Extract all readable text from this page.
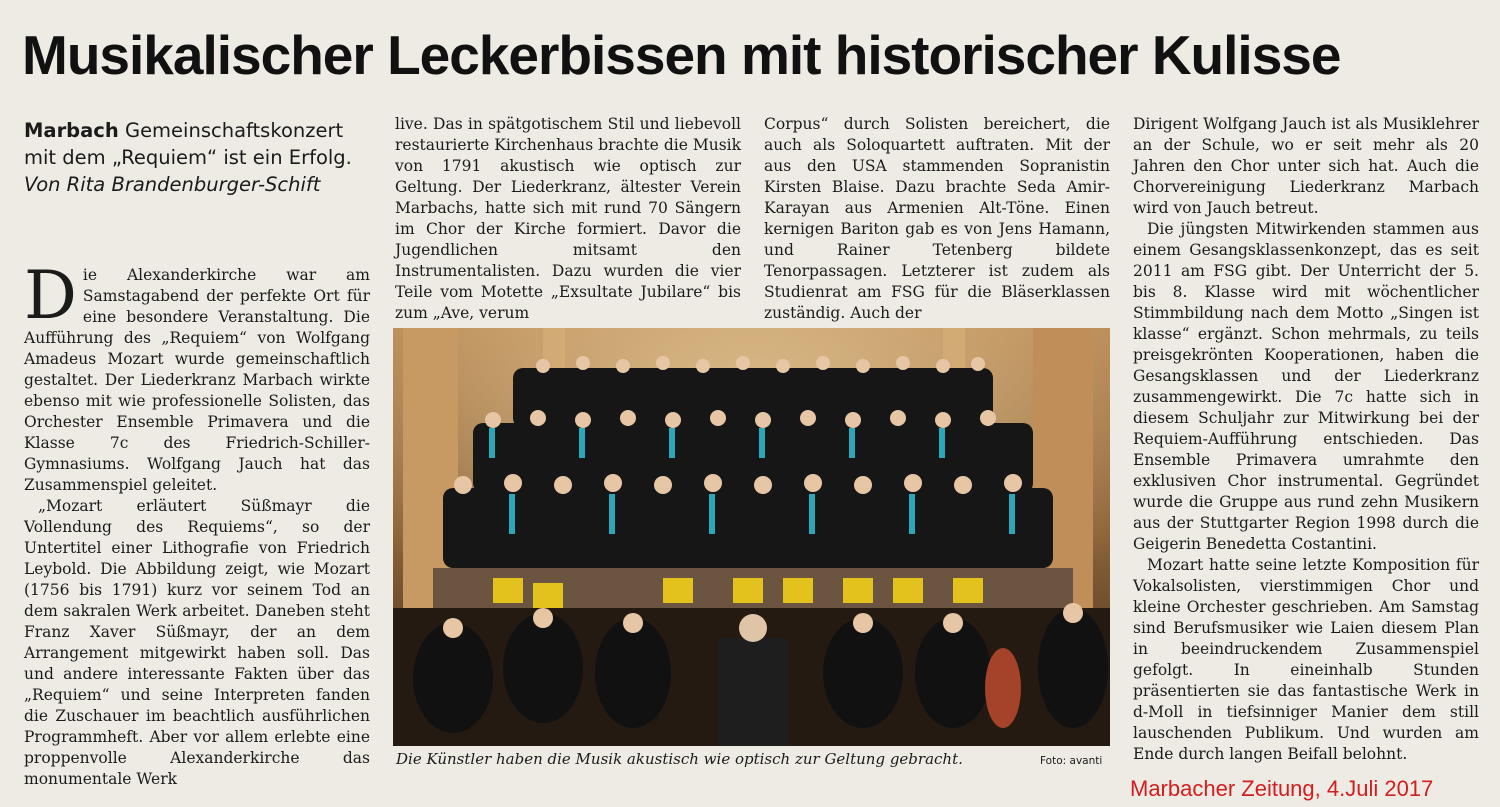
Musikalischer Leckerbissen mit historischer Kulisse
Marbach Gemeinschaftskonzert mit dem „Requiem“ ist ein Erfolg.
Von Rita Brandenburger-Schift

Die Alexanderkirche war am Samstagabend der perfekte Ort für eine besondere Veranstaltung. Die Aufführung des „Requiem“ von Wolfgang Amadeus Mozart wurde gemeinschaftlich gestaltet. Der Liederkranz Marbach wirkte ebenso mit wie professionelle Solisten, das Orchester Ensemble Primavera und die Klasse 7c des Friedrich-Schiller-Gymnasiums. Wolfgang Jauch hat das Zusammenspiel geleitet.

„Mozart erläutert Süßmayr die Vollendung des Requiems“, so der Untertitel einer Lithografie von Friedrich Leybold. Die Abbildung zeigt, wie Mozart (1756 bis 1791) kurz vor seinem Tod an dem sakralen Werk arbeitet. Daneben steht Franz Xaver Süßmayr, der an dem Arrangement mitgewirkt haben soll. Das und andere interessante Fakten über das „Requiem“ und seine Interpreten fanden die Zuschauer im beachtlich ausführlichen Programmheft. Aber vor allem erlebte eine proppenvolle Alexanderkirche das monumentale Werk

live. Das in spätgotischem Stil und liebevoll restaurierte Kirchenhaus brachte die Musik von 1791 akustisch wie optisch zur Geltung. Der Liederkranz, ältester Verein Marbachs, hatte sich mit rund 70 Sängern im Chor der Kirche formiert. Davor die Jugendlichen mitsamt den Instrumentalisten. Dazu wurden die vier Teile vom Motette „Exsultate Jubilare“ bis zum „Ave, verum

Corpus“ durch Solisten bereichert, die auch als Soloquartett auftraten. Mit der aus den USA stammenden Sopranistin Kirsten Blaise. Dazu brachte Seda Amir-Karayan aus Armenien Alt-Töne. Einen kernigen Bariton gab es von Jens Hamann, und Rainer Tetenberg bildete Tenorpassagen. Letzterer ist zudem als Studienrat am FSG für die Bläserklassen zuständig. Auch der

Dirigent Wolfgang Jauch ist als Musiklehrer an der Schule, wo er seit mehr als 20 Jahren den Chor unter sich hat. Auch die Chorvereinigung Liederkranz Marbach wird von Jauch betreut.

Die jüngsten Mitwirkenden stammen aus einem Gesangsklassenkonzept, das es seit 2011 am FSG gibt. Der Unterricht der 5. bis 8. Klasse wird mit wöchentlicher Stimmbildung nach dem Motto „Singen ist klasse“ ergänzt. Schon mehrmals, zu teils preisgekrönten Kooperationen, haben die Gesangsklassen und der Liederkranz zusammengewirkt. Die 7c hatte sich in diesem Schuljahr zur Mitwirkung bei der Requiem-Aufführung entschieden. Das Ensemble Primavera umrahmte den exklusiven Chor instrumental. Gegründet wurde die Gruppe aus rund zehn Musikern aus der Stuttgarter Region 1998 durch die Geigerin Benedetta Costantini.

Mozart hatte seine letzte Komposition für Vokalsolisten, vierstimmigen Chor und kleine Orchester geschrieben. Am Samstag sind Berufsmusiker wie Laien diesem Plan in beeindruckendem Zusammenspiel gefolgt. In eineinhalb Stunden präsentierten sie das fantastische Werk in d-Moll in tiefsinniger Manier dem still lauschenden Publikum. Und wurden am Ende durch langen Beifall belohnt.

Die Künstler haben die Musik akustisch wie optisch zur Geltung gebracht.	Foto: avanti
Marbacher Zeitung, 4.Juli 2017
